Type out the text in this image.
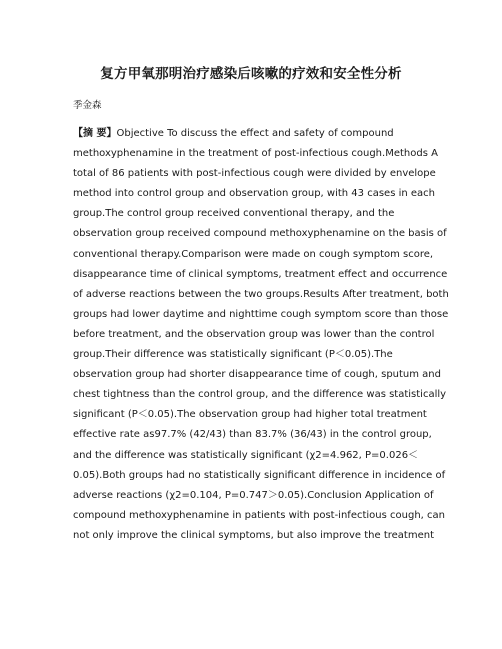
复方甲氧那明治疗感染后咳嗽的疗效和安全性分析
季金森
【摘 要】Objective To discuss the effect and safety of compound
methoxyphenamine in the treatment of post-infectious cough.Methods A
total of 86 patients with post-infectious cough were divided by envelope
method into control group and observation group, with 43 cases in each
group.The control group received conventional therapy, and the
observation group received compound methoxyphenamine on the basis of
conventional therapy.Comparison were made on cough symptom score,
disappearance time of clinical symptoms, treatment effect and occurrence
of adverse reactions between the two groups.Results After treatment, both
groups had lower daytime and nighttime cough symptom score than those
before treatment, and the observation group was lower than the control
group.Their difference was statistically significant (P＜0.05).The
observation group had shorter disappearance time of cough, sputum and
chest tightness than the control group, and the difference was statistically
significant (P＜0.05).The observation group had higher total treatment
effective rate as97.7% (42/43) than 83.7% (36/43) in the control group,
and the difference was statistically significant (χ2=4.962, P=0.026＜
0.05).Both groups had no statistically significant difference in incidence of
adverse reactions (χ2=0.104, P=0.747＞0.05).Conclusion Application of
compound methoxyphenamine in patients with post-infectious cough, can
not only improve the clinical symptoms, but also improve the treatment
